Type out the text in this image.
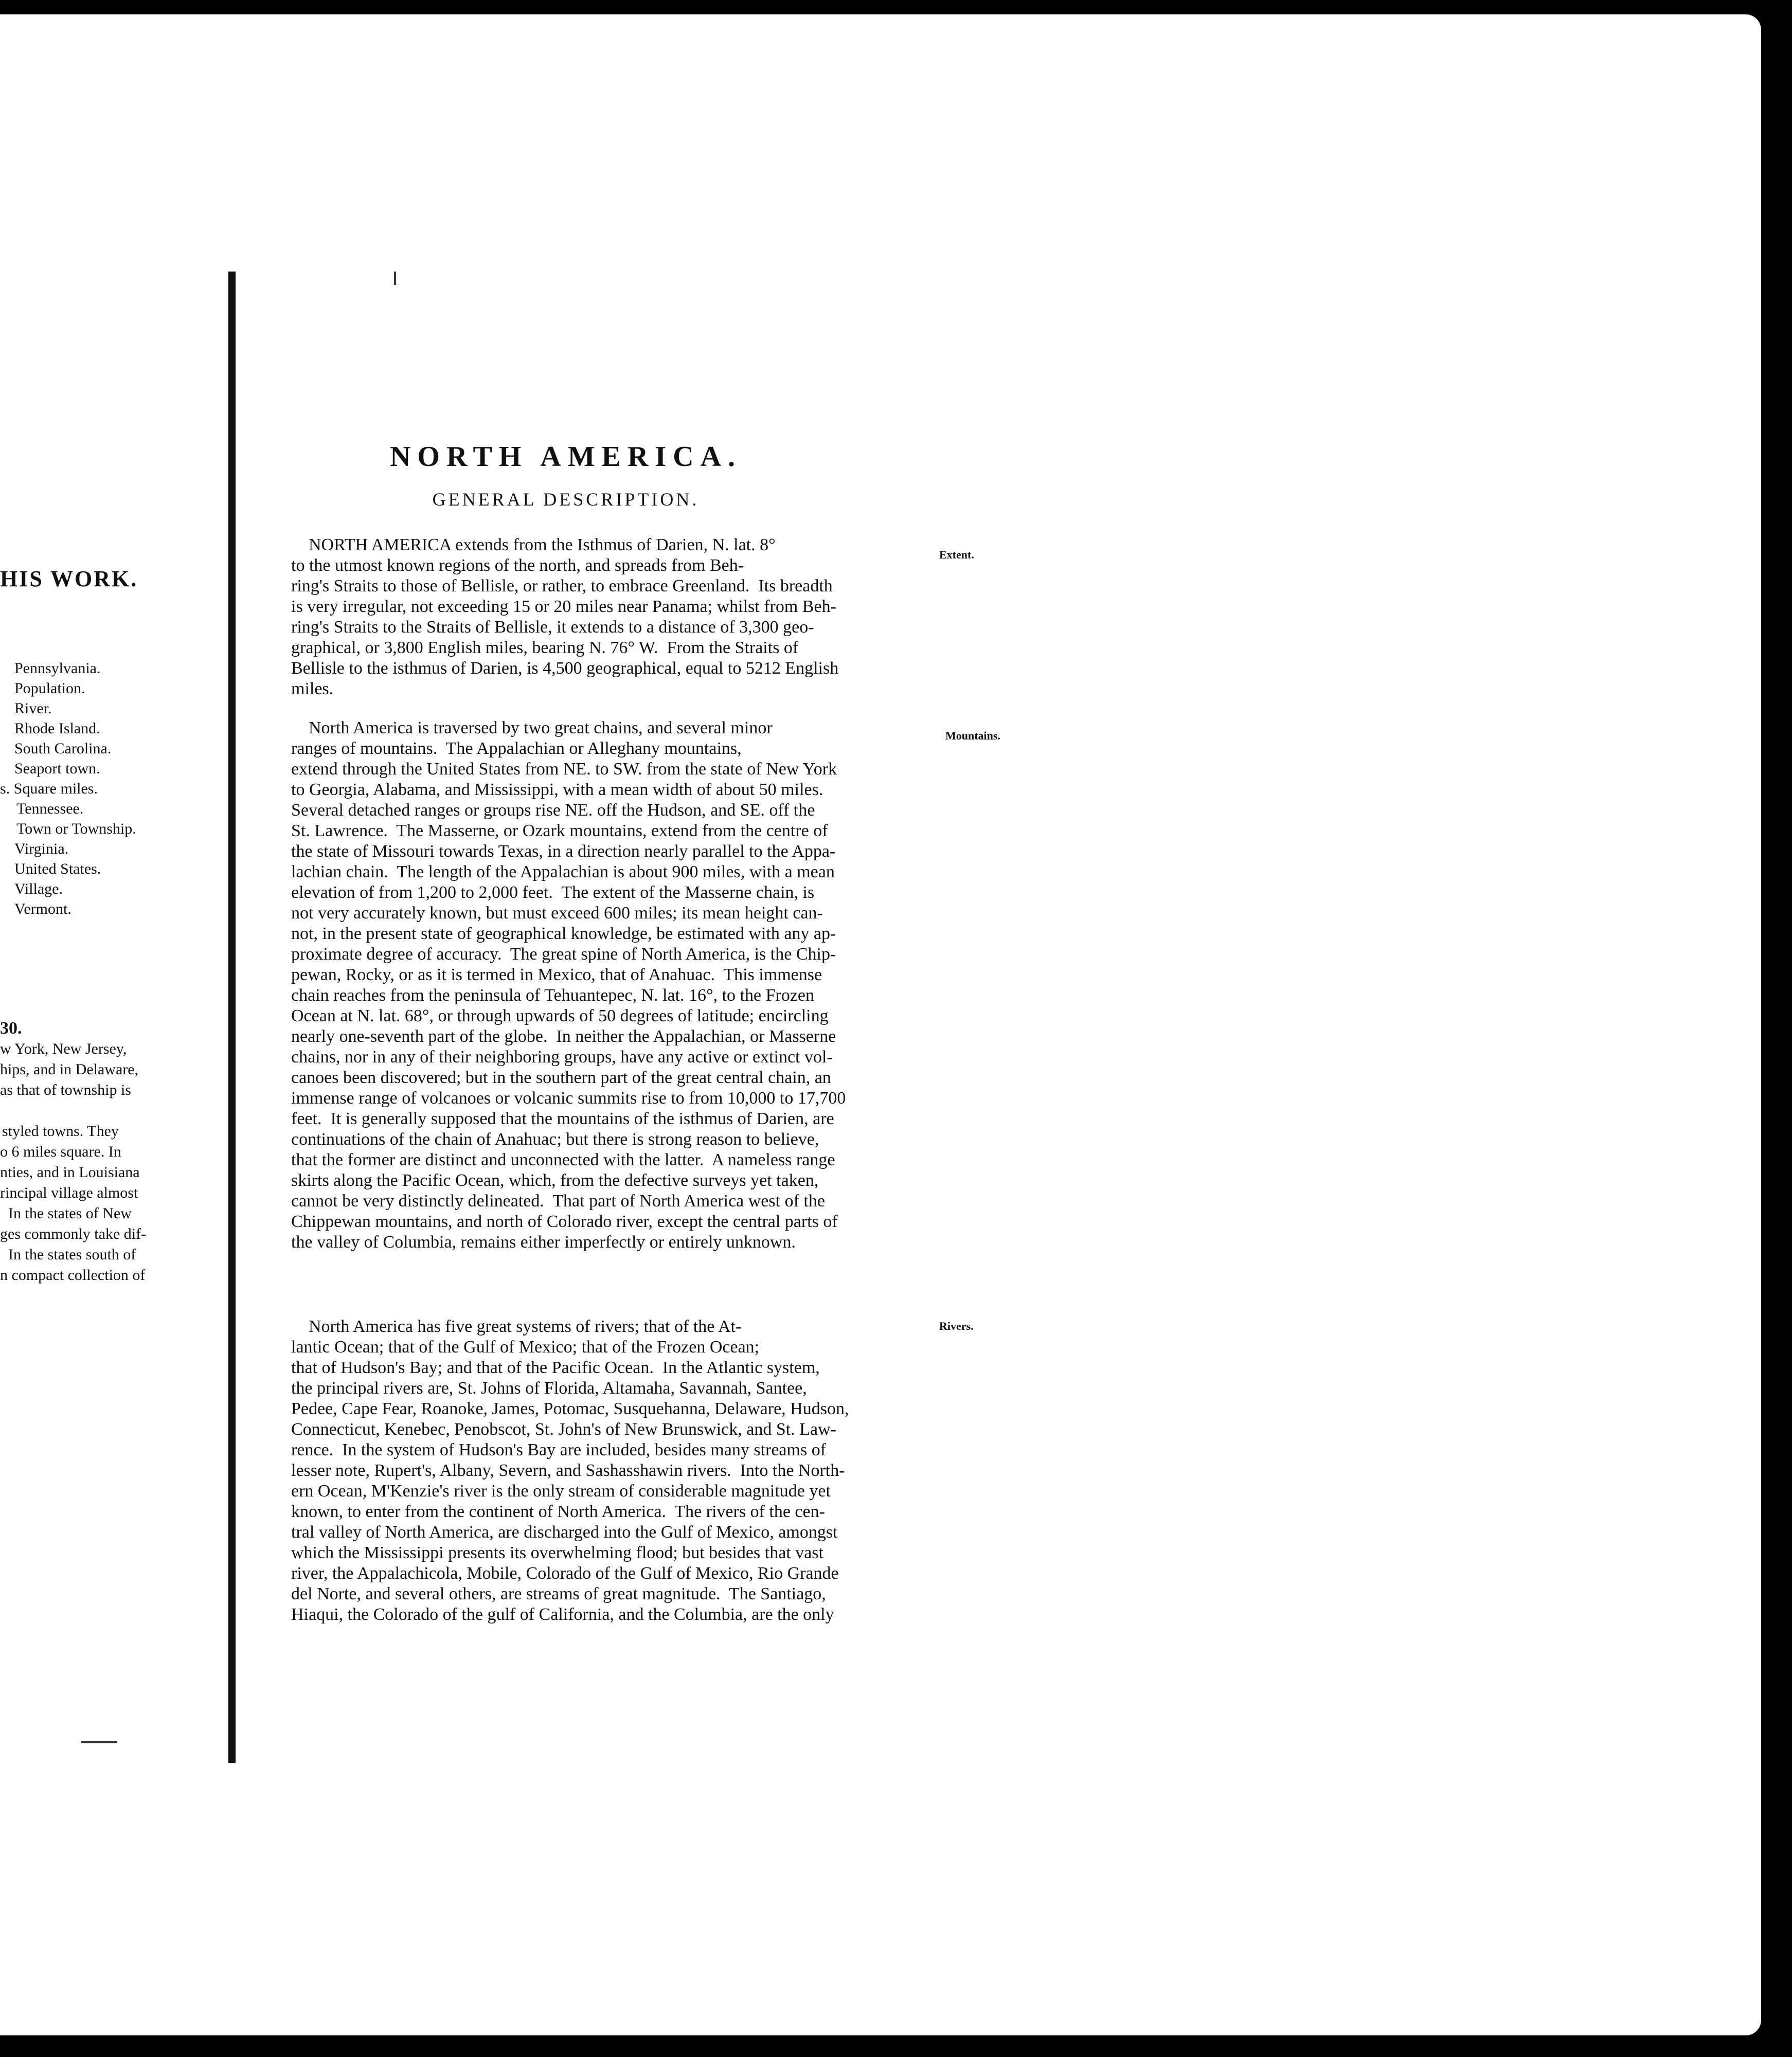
HIS WORK.
Pennsylvania.
Population.
River.
Rhode Island.
South Carolina.
Seaport town.
s. Square miles.
Tennessee.
Town or Township.
Virginia.
United States.
Village.
Vermont.
30.
w York, New Jersey,
hips, and in Delaware,
as that of township is

styled towns. They
o 6 miles square. In
nties, and in Louisiana
rincipal village almost
In the states of New
ges commonly take dif-
In the states south of
n compact collection of
NORTH AMERICA.
GENERAL DESCRIPTION.
Extent.
Mountains.
Rivers.

NORTH AMERICA extends from the Isthmus of Darien, N. lat. 8°

to the utmost known regions of the north, and spreads from Beh-

ring's Straits to those of Bellisle, or rather, to embrace Greenland.  Its breadth

is very irregular, not exceeding 15 or 20 miles near Panama; whilst from Beh-

ring's Straits to the Straits of Bellisle, it extends to a distance of 3,300 geo-

graphical, or 3,800 English miles, bearing N. 76° W.  From the Straits of

Bellisle to the isthmus of Darien, is 4,500 geographical, equal to 5212 English

miles.

North America is traversed by two great chains, and several minor

ranges of mountains.  The Appalachian or Alleghany mountains,

extend through the United States from NE. to SW. from the state of New York

to Georgia, Alabama, and Mississippi, with a mean width of about 50 miles.

Several detached ranges or groups rise NE. off the Hudson, and SE. off the

St. Lawrence.  The Masserne, or Ozark mountains, extend from the centre of

the state of Missouri towards Texas, in a direction nearly parallel to the Appa-

lachian chain.  The length of the Appalachian is about 900 miles, with a mean

elevation of from 1,200 to 2,000 feet.  The extent of the Masserne chain, is

not very accurately known, but must exceed 600 miles; its mean height can-

not, in the present state of geographical knowledge, be estimated with any ap-

proximate degree of accuracy.  The great spine of North America, is the Chip-

pewan, Rocky, or as it is termed in Mexico, that of Anahuac.  This immense

chain reaches from the peninsula of Tehuantepec, N. lat. 16°, to the Frozen

Ocean at N. lat. 68°, or through upwards of 50 degrees of latitude; encircling

nearly one-seventh part of the globe.  In neither the Appalachian, or Masserne

chains, nor in any of their neighboring groups, have any active or extinct vol-

canoes been discovered; but in the southern part of the great central chain, an

immense range of volcanoes or volcanic summits rise to from 10,000 to 17,700

feet.  It is generally supposed that the mountains of the isthmus of Darien, are

continuations of the chain of Anahuac; but there is strong reason to believe,

that the former are distinct and unconnected with the latter.  A nameless range

skirts along the Pacific Ocean, which, from the defective surveys yet taken,

cannot be very distinctly delineated.  That part of North America west of the

Chippewan mountains, and north of Colorado river, except the central parts of

the valley of Columbia, remains either imperfectly or entirely unknown.

North America has five great systems of rivers; that of the At-

lantic Ocean; that of the Gulf of Mexico; that of the Frozen Ocean;

that of Hudson's Bay; and that of the Pacific Ocean.  In the Atlantic system,

the principal rivers are, St. Johns of Florida, Altamaha, Savannah, Santee,

Pedee, Cape Fear, Roanoke, James, Potomac, Susquehanna, Delaware, Hudson,

Connecticut, Kenebec, Penobscot, St. John's of New Brunswick, and St. Law-

rence.  In the system of Hudson's Bay are included, besides many streams of

lesser note, Rupert's, Albany, Severn, and Sashasshawin rivers.  Into the North-

ern Ocean, M'Kenzie's river is the only stream of considerable magnitude yet

known, to enter from the continent of North America.  The rivers of the cen-

tral valley of North America, are discharged into the Gulf of Mexico, amongst

which the Mississippi presents its overwhelming flood; but besides that vast

river, the Appalachicola, Mobile, Colorado of the Gulf of Mexico, Rio Grande

del Norte, and several others, are streams of great magnitude.  The Santiago,

Hiaqui, the Colorado of the gulf of California, and the Columbia, are the only
